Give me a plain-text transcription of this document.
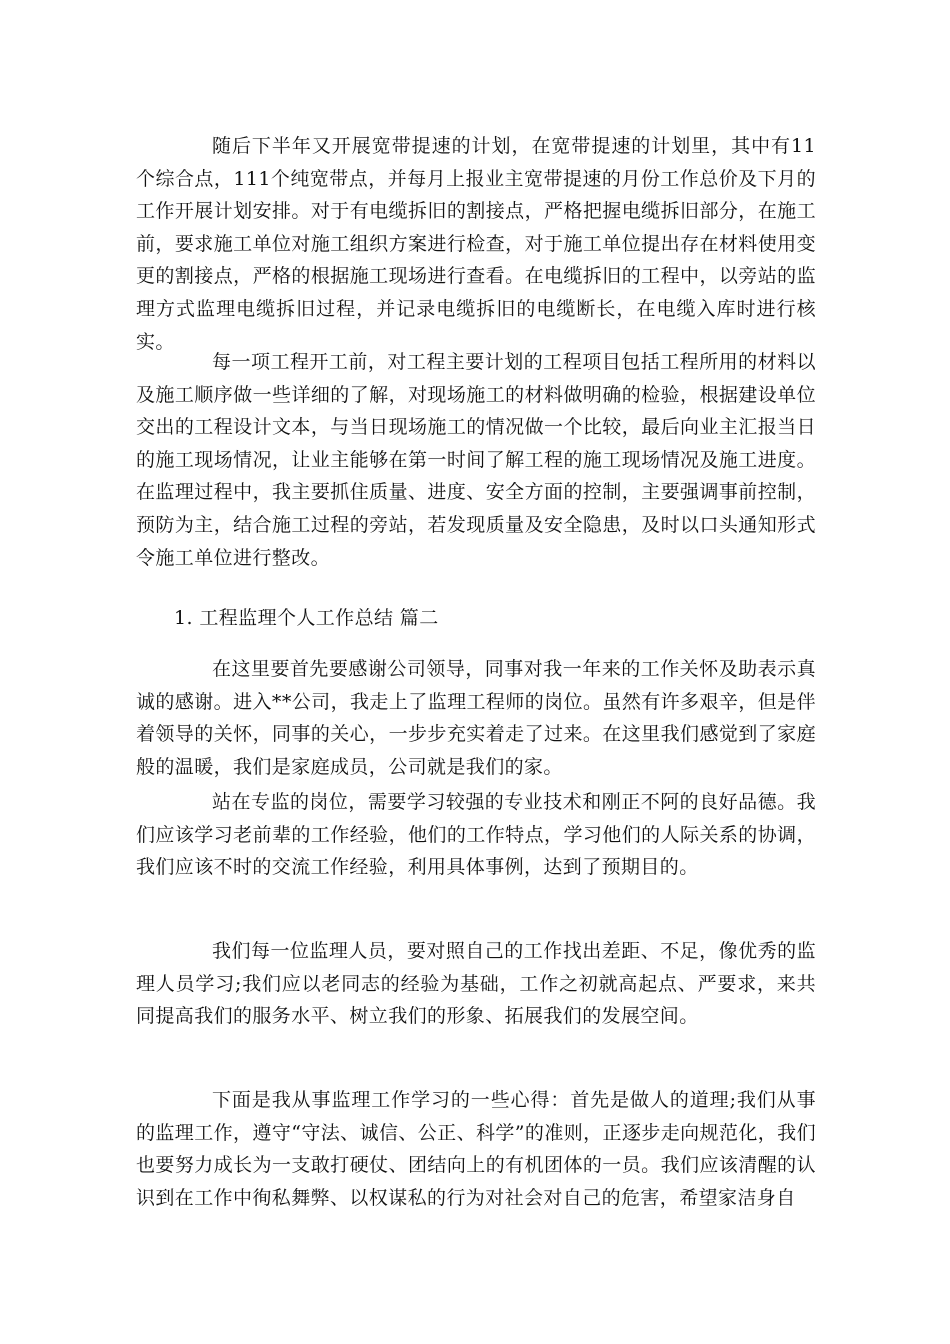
随后下半年又开展宽带提速的计划，在宽带提速的计划里，其中有11个综合点，111个纯宽带点，并每月上报业主宽带提速的月份工作总价及下月的工作开展计划安排。对于有电缆拆旧的割接点，严格把握电缆拆旧部分，在施工前，要求施工单位对施工组织方案进行检查，对于施工单位提出存在材料使用变更的割接点，严格的根据施工现场进行查看。在电缆拆旧的工程中，以旁站的监理方式监理电缆拆旧过程，并记录电缆拆旧的电缆断长，在电缆入库时进行核实。

每一项工程开工前，对工程主要计划的工程项目包括工程所用的材料以及施工顺序做一些详细的了解，对现场施工的材料做明确的检验，根据建设单位交出的工程设计文本，与当日现场施工的情况做一个比较，最后向业主汇报当日的施工现场情况，让业主能够在第一时间了解工程的施工现场情况及施工进度。在监理过程中，我主要抓住质量、进度、安全方面的控制，主要强调事前控制，预防为主，结合施工过程的旁站，若发现质量及安全隐患，及时以口头通知形式令施工单位进行整改。

1. 工程监理个人工作总结 篇二

在这里要首先要感谢公司领导，同事对我一年来的工作关怀及助表示真诚的感谢。进入**公司，我走上了监理工程师的岗位。虽然有许多艰辛，但是伴着领导的关怀，同事的关心，一步步充实着走了过来。在这里我们感觉到了家庭般的温暖，我们是家庭成员，公司就是我们的家。

站在专监的岗位，需要学习较强的专业技术和刚正不阿的良好品德。我们应该学习老前辈的工作经验，他们的工作特点，学习他们的人际关系的协调，我们应该不时的交流工作经验，利用具体事例，达到了预期目的。

我们每一位监理人员，要对照自己的工作找出差距、不足，像优秀的监理人员学习;我们应以老同志的经验为基础，工作之初就高起点、严要求，来共同提高我们的服务水平、树立我们的形象、拓展我们的发展空间。

下面是我从事监理工作学习的一些心得：首先是做人的道理;我们从事的监理工作，遵守“守法、诚信、公正、科学”的准则，正逐步走向规范化，我们也要努力成长为一支敢打硬仗、团结向上的有机团体的一员。我们应该清醒的认识到在工作中徇私舞弊、以权谋私的行为对社会对自己的危害，希望家洁身自
